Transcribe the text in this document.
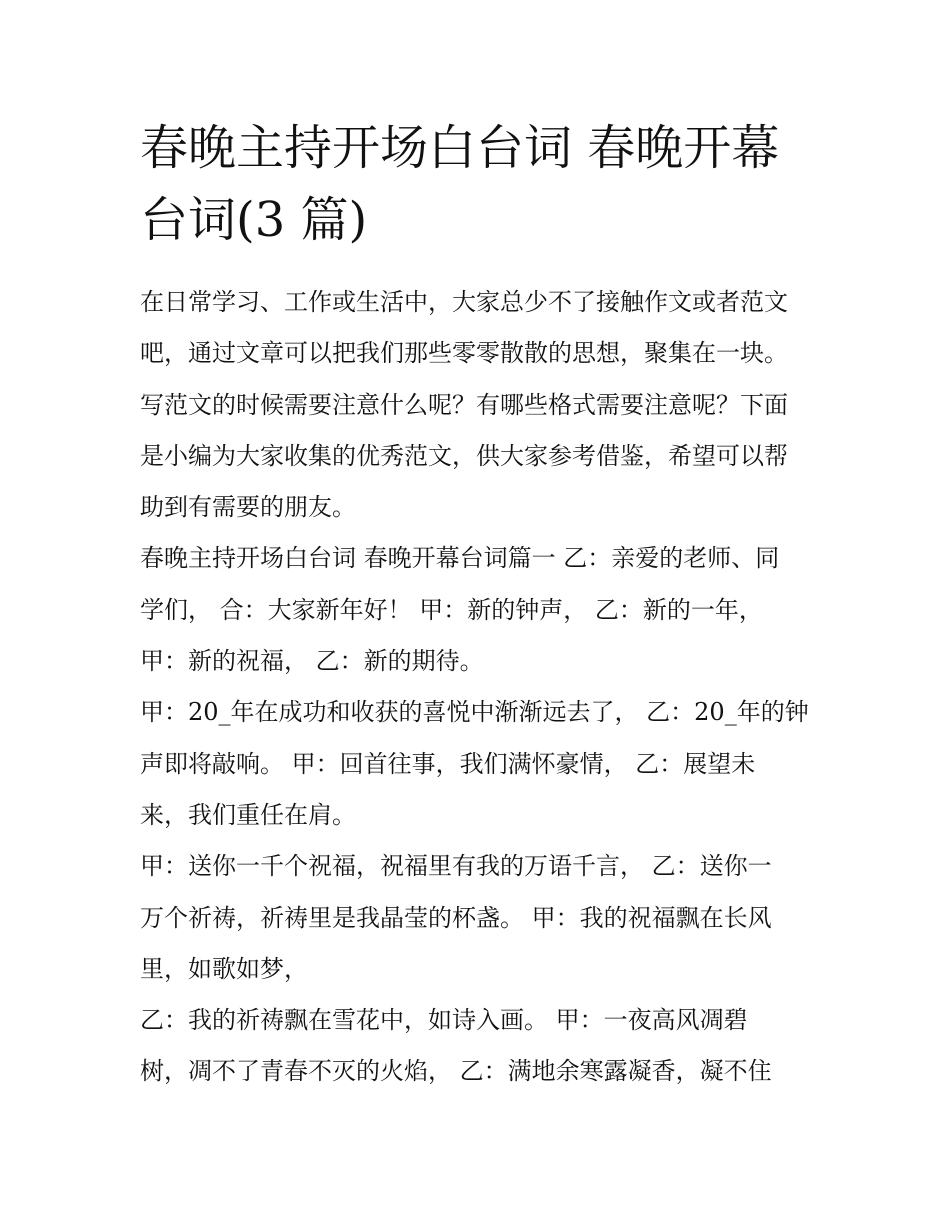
春晚主持开场白台词 春晚开幕
台词(3 篇)
在日常学习、工作或生活中，大家总少不了接触作文或者范文
吧，通过文章可以把我们那些零零散散的思想，聚集在一块。
写范文的时候需要注意什么呢？有哪些格式需要注意呢？下面
是小编为大家收集的优秀范文，供大家参考借鉴，希望可以帮
助到有需要的朋友。
春晚主持开场白台词 春晚开幕台词篇一 乙：亲爱的老师、同
学们， 合：大家新年好！ 甲：新的钟声， 乙：新的一年，
甲：新的祝福， 乙：新的期待。
甲：20_年在成功和收获的喜悦中渐渐远去了， 乙：20_年的钟
声即将敲响。 甲：回首往事，我们满怀豪情， 乙：展望未
来，我们重任在肩。
甲：送你一千个祝福，祝福里有我的万语千言， 乙：送你一
万个祈祷，祈祷里是我晶莹的杯盏。 甲：我的祝福飘在长风
里，如歌如梦，
乙：我的祈祷飘在雪花中，如诗入画。 甲：一夜高风凋碧
树，凋不了青春不灭的火焰， 乙：满地余寒露凝香，凝不住
